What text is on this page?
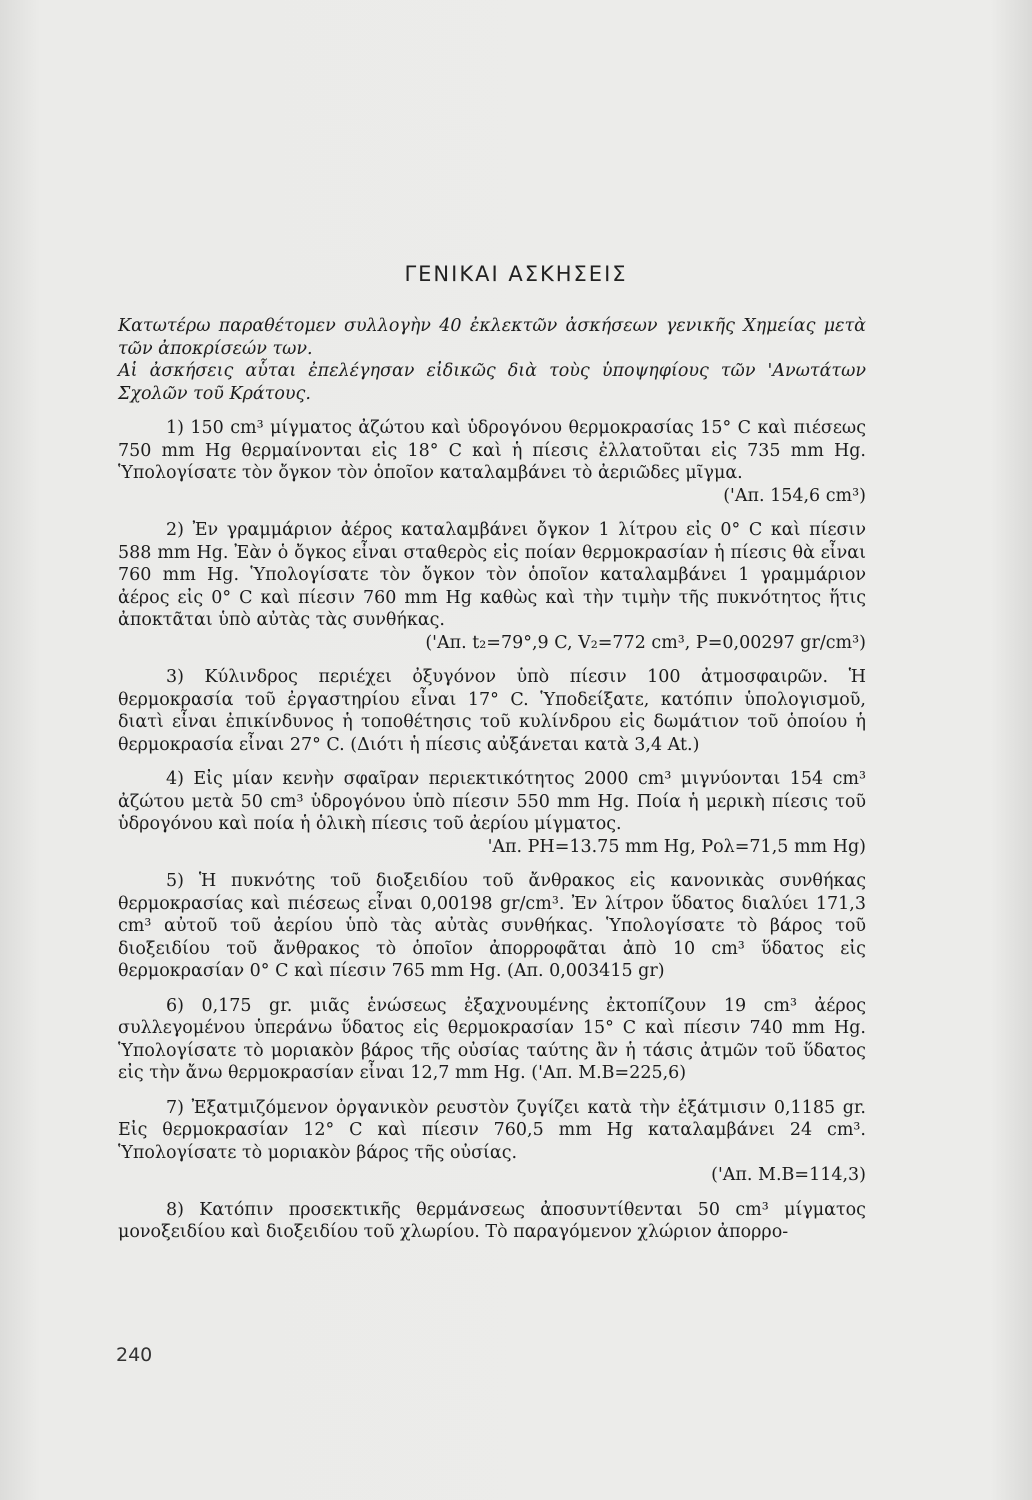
ΓΕΝΙΚΑΙ ΑΣΚΗΣΕΙΣ

Κατωτέρω παραθέτομεν συλλογὴν 40 ἐκλεκτῶν ἀσκήσεων γενικῆς Χημείας μετὰ τῶν ἀποκρίσεών των.

Αἱ ἀσκήσεις αὗται ἐπελέγησαν εἰδικῶς διὰ τοὺς ὑποψηφίους τῶν 'Ανωτάτων Σχολῶν τοῦ Κράτους.

1) 150 cm³ μίγματος ἀζώτου καὶ ὑδρογόνου θερμοκρασίας 15° C καὶ πιέσεως 750 mm Hg θερμαίνονται εἰς 18° C καὶ ἡ πίεσις ἐλλατοῦται εἰς 735 mm Hg. Ὑπολογίσατε τὸν ὄγκον τὸν ὁποῖον καταλαμβάνει τὸ ἀεριῶδες μῖγμα.

('Απ. 154,6 cm³)

2) Ἐν γραμμάριον ἀέρος καταλαμβάνει ὄγκον 1 λίτρου εἰς 0° C καὶ πίεσιν 588 mm Hg. Ἐὰν ὁ ὄγκος εἶναι σταθερὸς εἰς ποίαν θερμοκρασίαν ἡ πίεσις θὰ εἶναι 760 mm Hg. Ὑπολογίσατε τὸν ὄγκον τὸν ὁποῖον καταλαμβάνει 1 γραμμάριον ἀέρος εἰς 0° C καὶ πίεσιν 760 mm Hg καθὼς καὶ τὴν τιμὴν τῆς πυκνότητος ἥτις ἀποκτᾶται ὑπὸ αὐτὰς τὰς συνθήκας.

('Απ. t₂=79°,9 C, V₂=772 cm³, P=0,00297 gr/cm³)

3) Κύλινδρος περιέχει ὀξυγόνον ὑπὸ πίεσιν 100 ἀτμοσφαιρῶν. Ἡ θερμοκρασία τοῦ ἐργαστηρίου εἶναι 17° C. Ὑποδείξατε, κατόπιν ὑπολογισμοῦ, διατὶ εἶναι ἐπικίνδυνος ἡ τοποθέτησις τοῦ κυλίνδρου εἰς δωμάτιον τοῦ ὁποίου ἡ θερμοκρασία εἶναι 27° C. (Διότι ἡ πίεσις αὐξάνεται κατὰ 3,4 At.)

4) Εἰς μίαν κενὴν σφαῖραν περιεκτικότητος 2000 cm³ μιγνύονται 154 cm³ ἀζώτου μετὰ 50 cm³ ὑδρογόνου ὑπὸ πίεσιν 550 mm Hg. Ποία ἡ μερικὴ πίεσις τοῦ ὑδρογόνου καὶ ποία ἡ ὁλικὴ πίεσις τοῦ ἀερίου μίγματος.

'Απ. PH=13.75 mm Hg, Pολ=71,5 mm Hg)

5) Ἡ πυκνότης τοῦ διοξειδίου τοῦ ἄνθρακος εἰς κανονικὰς συνθήκας θερμοκρασίας καὶ πιέσεως εἶναι 0,00198 gr/cm³. Ἐν λίτρον ὕδατος διαλύει 171,3 cm³ αὐτοῦ τοῦ ἀερίου ὑπὸ τὰς αὐτὰς συνθήκας. Ὑπολογίσατε τὸ βάρος τοῦ διοξειδίου τοῦ ἄνθρακος τὸ ὁποῖον ἀπορροφᾶται ἀπὸ 10 cm³ ὕδατος εἰς θερμοκρασίαν 0° C καὶ πίεσιν 765 mm Hg. (Απ. 0,003415 gr)

6) 0,175 gr. μιᾶς ἑνώσεως ἐξαχνουμένης ἐκτοπίζουν 19 cm³ ἀέρος συλλεγομένου ὑπεράνω ὕδατος εἰς θερμοκρασίαν 15° C καὶ πίεσιν 740 mm Hg. Ὑπολογίσατε τὸ μοριακὸν βάρος τῆς οὐσίας ταύτης ἂν ἡ τάσις ἀτμῶν τοῦ ὕδατος εἰς τὴν ἄνω θερμοκρασίαν εἶναι 12,7 mm Hg. ('Απ. Μ.Β=225,6)

7) Ἐξατμιζόμενον ὀργανικὸν ρευστὸν ζυγίζει κατὰ τὴν ἐξάτμισιν 0,1185 gr. Εἰς θερμοκρασίαν 12° C καὶ πίεσιν 760,5 mm Hg καταλαμβάνει 24 cm³. Ὑπολογίσατε τὸ μοριακὸν βάρος τῆς οὐσίας.

('Απ. Μ.Β=114,3)

8) Κατόπιν προσεκτικῆς θερμάνσεως ἀποσυντίθενται 50 cm³ μίγματος μονοξειδίου καὶ διοξειδίου τοῦ χλωρίου. Τὸ παραγόμενον χλώριον ἀπορρο-

240
